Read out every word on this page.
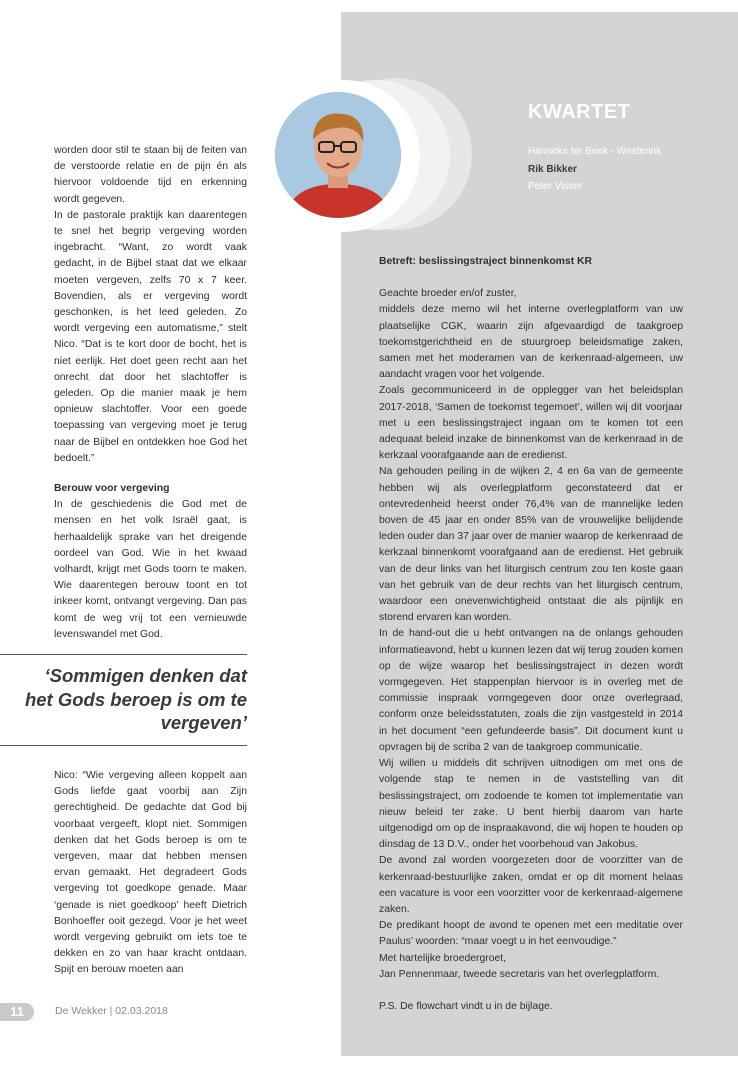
KWARTET
Hanneke ter Beek - Westerink
Rik Bikker
Peter Visser

worden door stil te staan bij de feiten van de verstoorde relatie en de pijn én als hiervoor voldoende tijd en erkenning wordt gegeven.

In de pastorale praktijk kan daarentegen te snel het begrip vergeving worden ingebracht. “Want, zo wordt vaak gedacht, in de Bijbel staat dat we elkaar moeten vergeven, zelfs 70 x 7 keer. Bovendien, als er vergeving wordt geschonken, is het leed geleden. Zo wordt vergeving een automatisme,” stelt Nico. “Dat is te kort door de bocht, het is niet eerlijk. Het doet geen recht aan het onrecht dat door het slachtoffer is geleden. Op die manier maak je hem opnieuw slachtoffer. Voor een goede toepassing van vergeving moet je terug naar de Bijbel en ontdekken hoe God het bedoelt.”

Berouw voor vergeving

In de geschiedenis die God met de mensen en het volk Israël gaat, is herhaaldelijk sprake van het dreigende oordeel van God. Wie in het kwaad volhardt, krijgt met Gods toorn te maken. Wie daarentegen berouw toont en tot inkeer komt, ontvangt vergeving. Dan pas komt de weg vrij tot een vernieuwde levenswandel met God.

‘Sommigen denken dat het Gods beroep is om te vergeven’

Nico: “Wie vergeving alleen koppelt aan Gods liefde gaat voorbij aan Zijn gerechtigheid. De gedachte dat God bij voorbaat vergeeft, klopt niet. Sommigen denken dat het Gods beroep is om te vergeven, maar dat hebben mensen ervan gemaakt. Het degradeert Gods vergeving tot goedkope genade. Maar ‘genade is niet goedkoop’ heeft Dietrich Bonhoeffer ooit gezegd. Voor je het weet wordt vergeving gebruikt om iets toe te dekken en zo van haar kracht ontdaan. Spijt en berouw moeten aan

Betreft: beslissingstraject binnenkomst KR

Geachte broeder en/of zuster,

middels deze memo wil het interne overlegplatform van uw plaatselijke CGK, waarin zijn afgevaardigd de taakgroep toekomstgerichtheid en de stuurgroep beleidsmatige zaken, samen met het moderamen van de kerkenraad-algemeen, uw aandacht vragen voor het volgende.

Zoals gecommuniceerd in de opplegger van het beleidsplan 2017-2018, ‘Samen de toekomst tegemoet’, willen wij dit voorjaar met u een beslissingstraject ingaan om te komen tot een adequaat beleid inzake de binnenkomst van de kerkenraad in de kerkzaal voorafgaande aan de eredienst.

Na gehouden peiling in de wijken 2, 4 en 6a van de gemeente hebben wij als overlegplatform geconstateerd dat er ontevredenheid heerst onder 76,4% van de mannelijke leden boven de 45 jaar en onder 85% van de vrouwelijke belijdende leden ouder dan 37 jaar over de manier waarop de kerkenraad de kerkzaal binnenkomt voorafgaand aan de eredienst. Het gebruik van de deur links van het liturgisch centrum zou ten koste gaan van het gebruik van de deur rechts van het liturgisch centrum, waardoor een onevenwichtigheid ontstaat die als pijnlijk en storend ervaren kan worden.

In de hand-out die u hebt ontvangen na de onlangs gehouden informatieavond, hebt u kunnen lezen dat wij terug zouden komen op de wijze waarop het beslissingstraject in dezen wordt vormgegeven. Het stappenplan hiervoor is in overleg met de commissie inspraak vormgegeven door onze overlegraad, conform onze beleidsstatuten, zoals die zijn vastgesteld in 2014 in het document “een gefundeerde basis”. Dit document kunt u opvragen bij de scriba 2 van de taakgroep communicatie.

Wij willen u middels dit schrijven uitnodigen om met ons de volgende stap te nemen in de vaststelling van dit beslissingstraject, om zodoende te komen tot implementatie van nieuw beleid ter zake. U bent hierbij daarom van harte uitgenodigd om op de inspraakavond, die wij hopen te houden op dinsdag de 13 D.V., onder het voorbehoud van Jakobus.

De avond zal worden voorgezeten door de voorzitter van de kerkenraad-bestuurlijke zaken, omdat er op dit moment helaas een vacature is voor een voorzitter voor de kerkenraad-algemene zaken.

De predikant hoopt de avond te openen met een meditatie over Paulus’ woorden: “maar voegt u in het eenvoudige.”

Met hartelijke broedergroet,

Jan Pennenmaar, tweede secretaris van het overlegplatform.

P.S. De flowchart vindt u in de bijlage.

11	De Wekker | 02.03.2018
